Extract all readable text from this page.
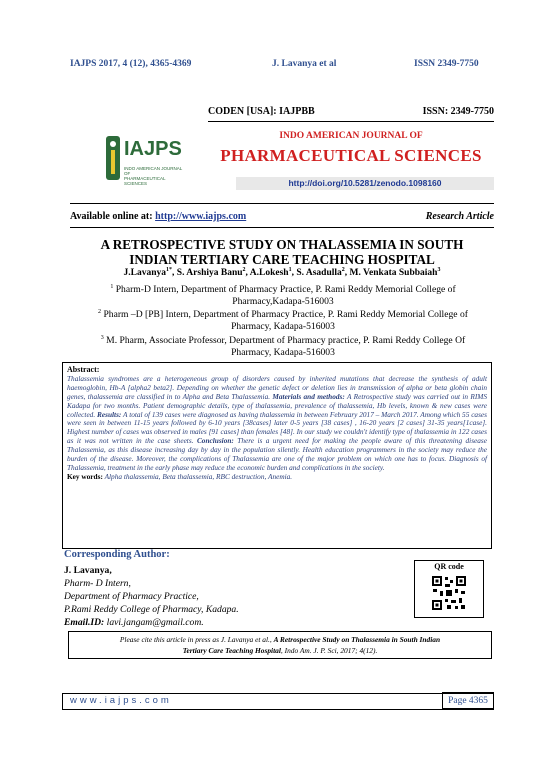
IAJPS 2017, 4 (12), 4365-4369	J. Lavanya et al	ISSN 2349-7750
IAJPS
INDO AMERICAN JOURNAL OF
PHARMACEUTICAL SCIENCES
CODEN [USA]: IAJPBB	ISSN: 2349-7750
INDO AMERICAN JOURNAL OF
PHARMACEUTICAL SCIENCES
http://doi.org/10.5281/zenodo.1098160
Available online at: http://www.iajps.com	Research Article
A RETROSPECTIVE STUDY ON THALASSEMIA IN SOUTH
INDIAN TERTIARY CARE TEACHING HOSPITAL
J.Lavanya$^{1*}$, S. Arshiya Banu$^2$, A.Lokesh$^1$, S. Asadulla$^2$, M. Venkata Subbaiah$^3$
$^1$ Pharm-D Intern, Department of Pharmacy Practice, P. Rami Reddy Memorial College of
Pharmacy,Kadapa-516003
$^2$ Pharm –D [PB] Intern, Department of Pharmacy Practice, P. Rami Reddy Memorial College of
Pharmacy, Kadapa-516003
$^3$ M. Pharm, Associate Professor, Department of Pharmacy practice, P. Rami Reddy College Of
Pharmacy, Kadapa-516003
Abstract:
Thalassemia syndromes are a heterogeneous group of disorders caused by inherited mutations that decrease the synthesis of adult haemoglobin, Hb-A [alpha2 beta2]. Depending on whether the genetic defect or deletion lies in transmission of alpha or beta globin chain genes, thalassemia are classified in to Alpha and Beta Thalassemia. Materials and methods: A Retrospective study was carried out in RIMS Kadapa for two months. Patient demographic details, type of thalassemia, prevalence of thalassemia, Hb levels, known & new cases were collected. Results: A total of 139 cases were diagnosed as having thalassemia in between February 2017 – March 2017. Among which 55 cases were seen in between 11-15 years followed by 6-10 years [38cases] later 0-5 years [38 cases] , 16-20 years [2 cases] 31-35 years[1case]. Highest number of cases was observed in males [91 cases] than females [48]. In our study we couldn't identify type of thalassemia in 122 cases as it was not written in the case sheets. Conclusion: There is a urgent need for making the people aware of this threatening disease Thalassemia, as this disease increasing day by day in the population silently. Health education programmers in the society may reduce the burden of the disease. Moreover, the complications of Thalassemia are one of the major problem on which one has to focus. Diagnosis of Thalassemia, treatment in the early phase may reduce the economic burden and complications in the society.
Key words: Alpha thalassemia, Beta thalassemia, RBC destruction, Anemia.
Corresponding Author:
J. Lavanya,
Pharm- D Intern,
Department of Pharmacy Practice,
P.Rami Reddy College of Pharmacy, Kadapa.
Email.ID: lavi.jangam@gmail.com.
QR code
Please cite this article in press as J. Lavanya et al., A Retrospective Study on Thalassemia in South Indian
Tertiary Care Teaching Hospital, Indo Am. J. P. Sci, 2017; 4(12).
www.iajps.com	Page 4365
